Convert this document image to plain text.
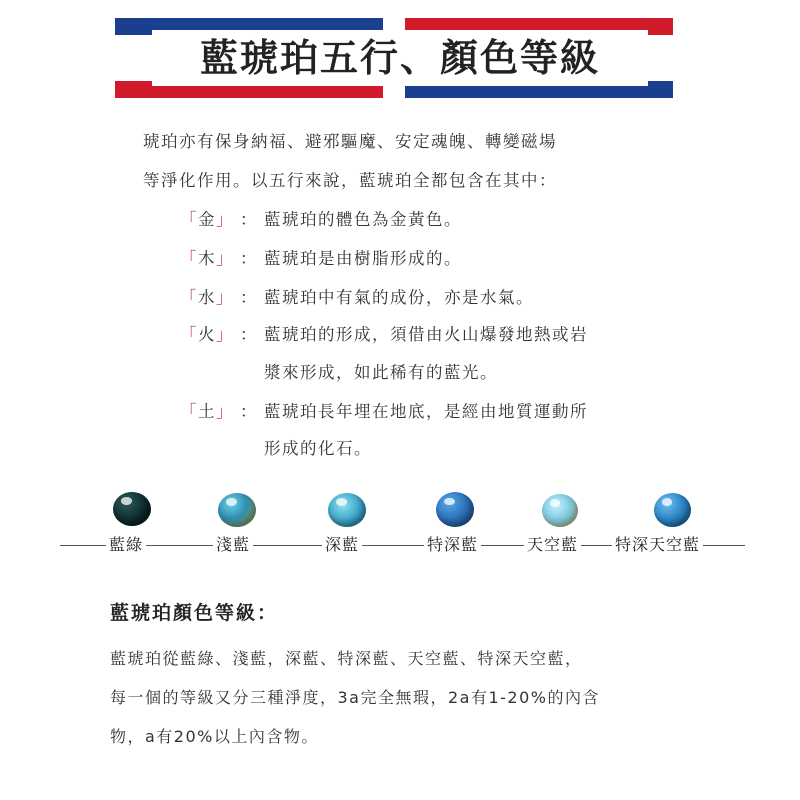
藍琥珀五行、顏色等級
琥珀亦有保身納福、避邪驅魔、安定魂魄、轉變磁場
等淨化作用。以五行來說，藍琥珀全都包含在其中：
「金」 ： 藍琥珀的體色為金黃色。
「木」 ： 藍琥珀是由樹脂形成的。
「水」 ： 藍琥珀中有氣的成份，亦是水氣。
「火」 ： 藍琥珀的形成，須借由火山爆發地熱或岩
漿來形成，如此稀有的藍光。
「土」 ： 藍琥珀長年埋在地底，是經由地質運動所
形成的化石。
藍綠	淺藍	深藍	特深藍	天空藍 特深天空藍
藍琥珀顏色等級：
藍琥珀從藍綠、淺藍，深藍、特深藍、天空藍、特深天空藍，
每一個的等級又分三種淨度，3a完全無瑕，2a有1-20%的內含
物，a有20%以上內含物。
